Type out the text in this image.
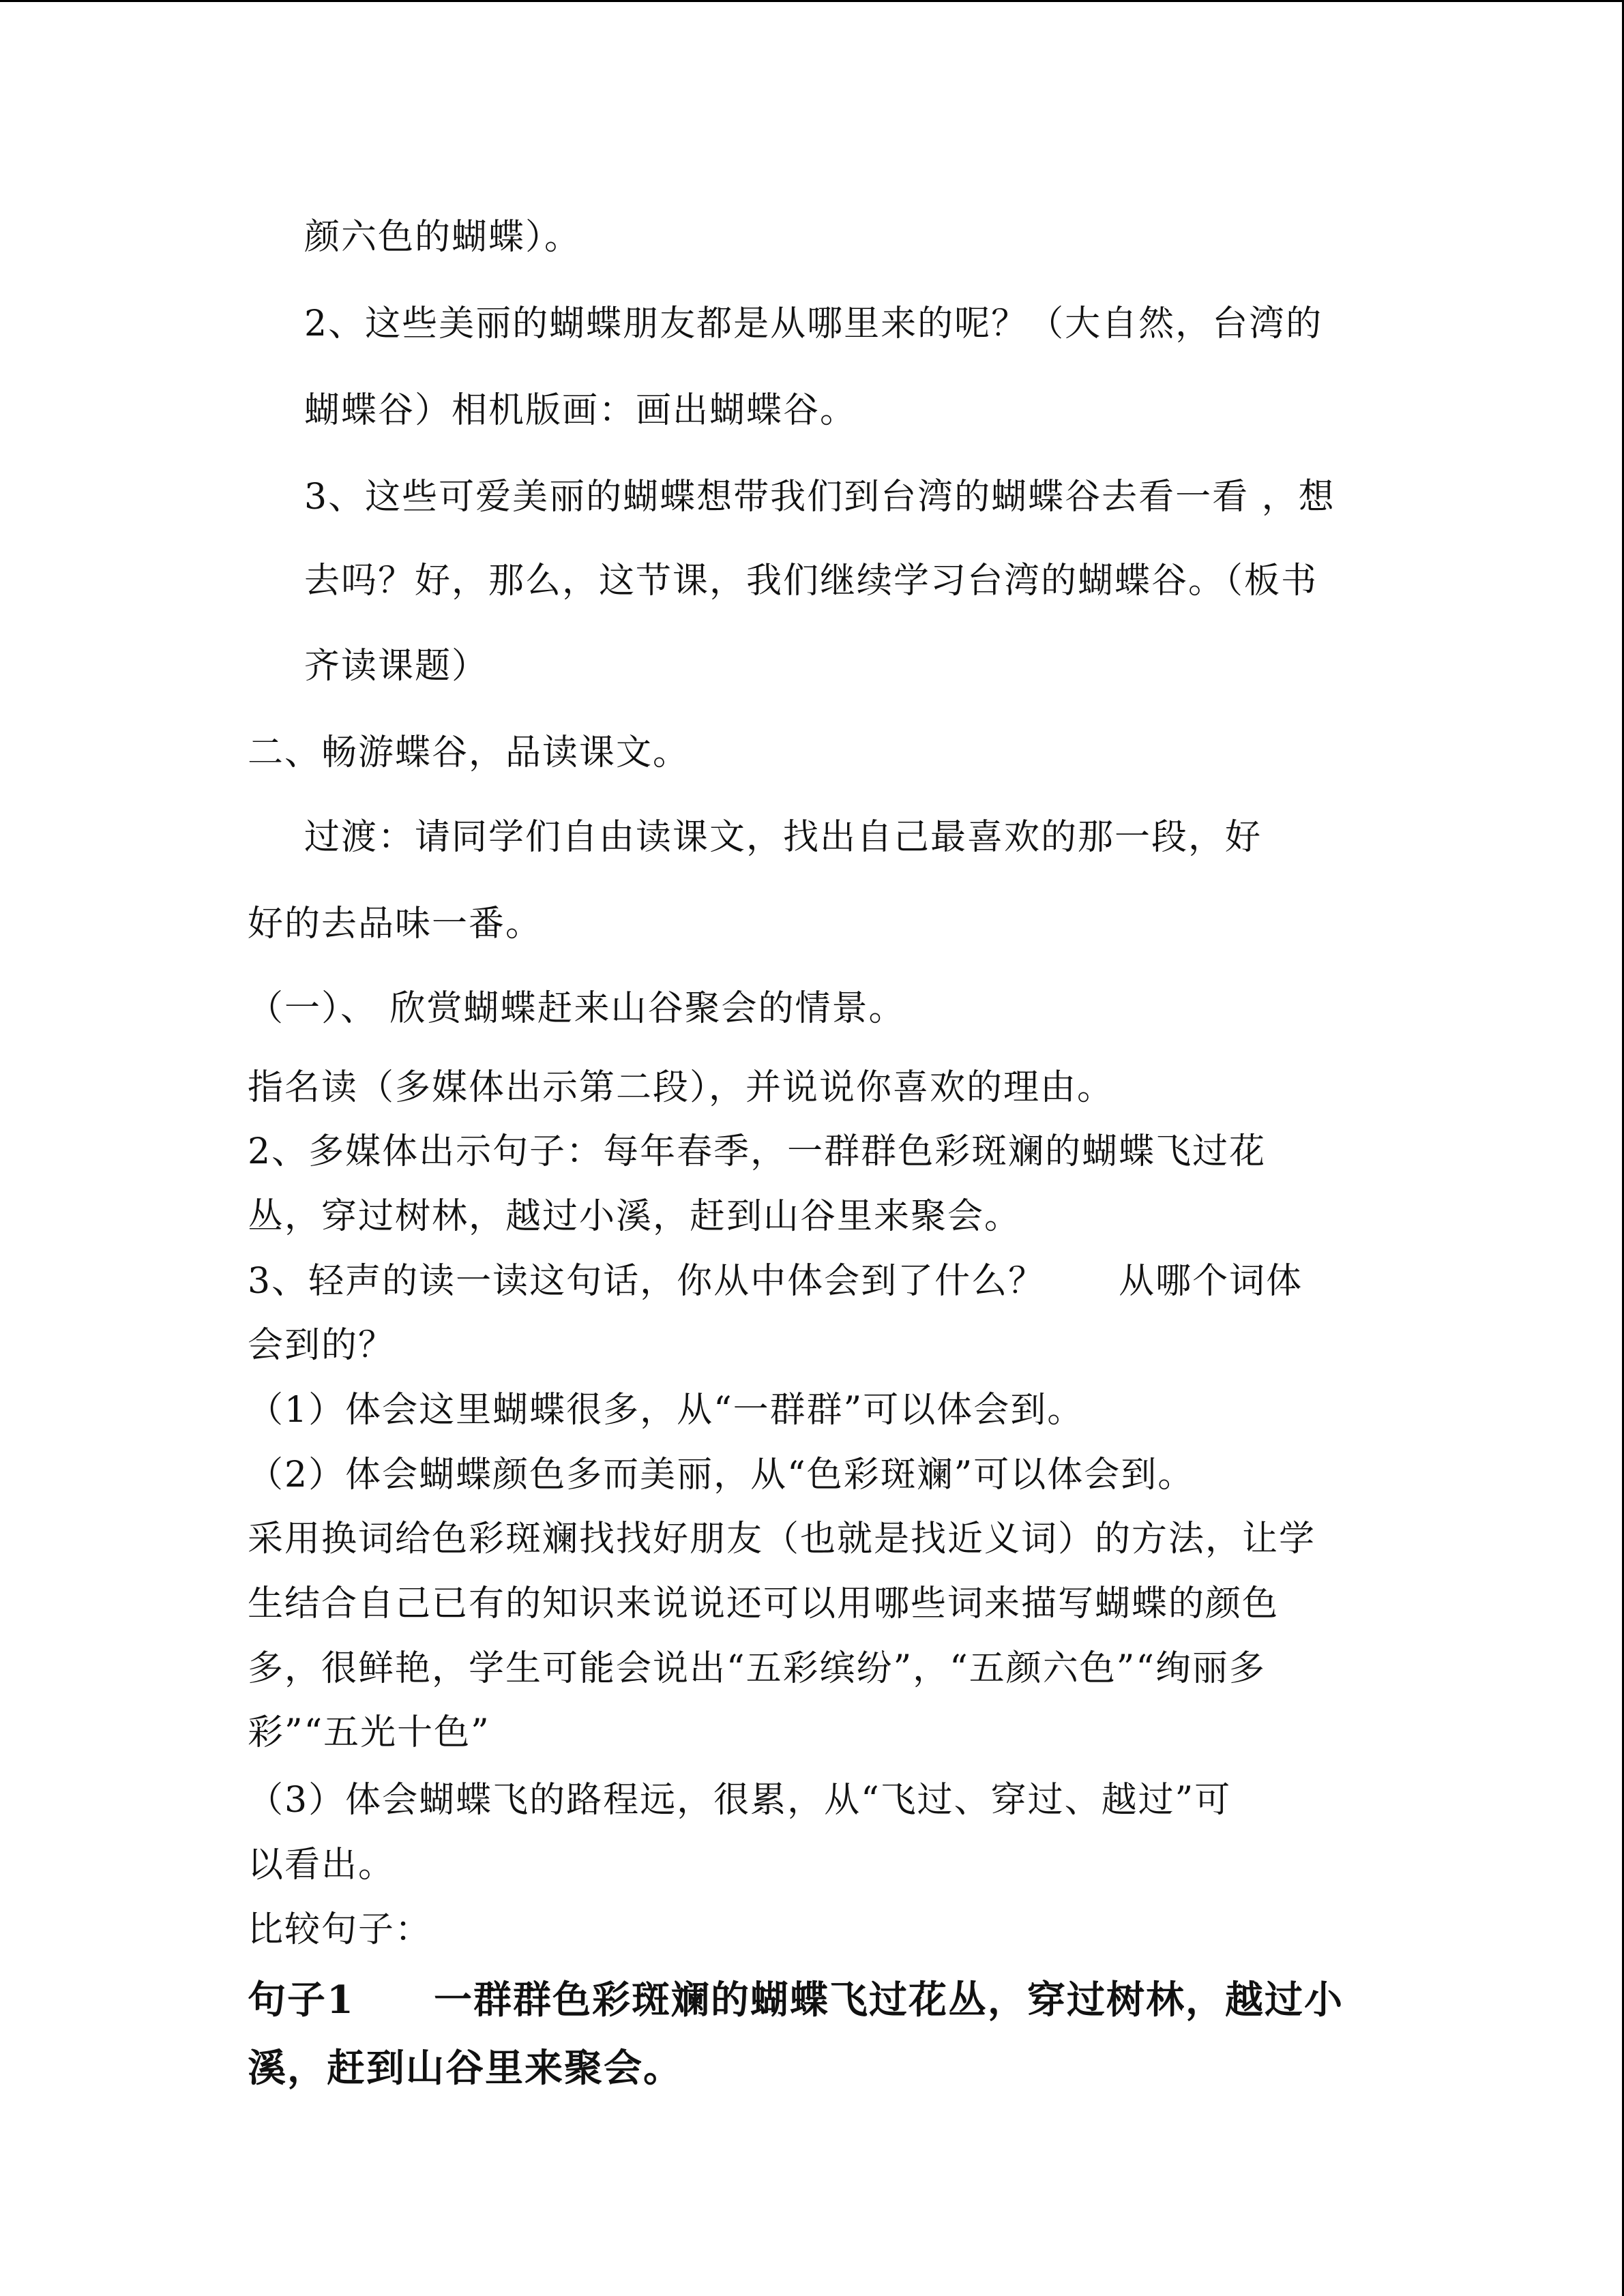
颜六色的蝴蝶）。
2、这些美丽的蝴蝶朋友都是从哪里来的呢？（大自然，台湾的
蝴蝶谷）相机版画：画出蝴蝶谷。
3、这些可爱美丽的蝴蝶想带我们到台湾的蝴蝶谷去看一看 ，想
去吗？好，那么，这节课，我们继续学习台湾的蝴蝶谷。（板书
齐读课题）
二、畅游蝶谷，品读课文。
过渡：请同学们自由读课文，找出自己最喜欢的那一段，好
好的去品味一番。
（一）、 欣赏蝴蝶赶来山谷聚会的情景。
指名读（多媒体出示第二段），并说说你喜欢的理由。
2、多媒体出示句子：每年春季，一群群色彩斑斓的蝴蝶飞过花
丛，穿过树林，越过小溪，赶到山谷里来聚会。
3、轻声的读一读这句话，你从中体会到了什么？　　从哪个词体
会到的？
（1）体会这里蝴蝶很多，从“一群群”可以体会到。
（2）体会蝴蝶颜色多而美丽，从“色彩斑斓”可以体会到。
采用换词给色彩斑斓找找好朋友（也就是找近义词）的方法，让学
生结合自己已有的知识来说说还可以用哪些词来描写蝴蝶的颜色
多，很鲜艳，学生可能会说出“五彩缤纷”，“五颜六色”“绚丽多
彩”“五光十色”
（3）体会蝴蝶飞的路程远，很累，从“飞过、穿过、越过”可
以看出。
比较句子：
句子1　　一群群色彩斑斓的蝴蝶飞过花丛，穿过树林，越过小
溪，赶到山谷里来聚会。
